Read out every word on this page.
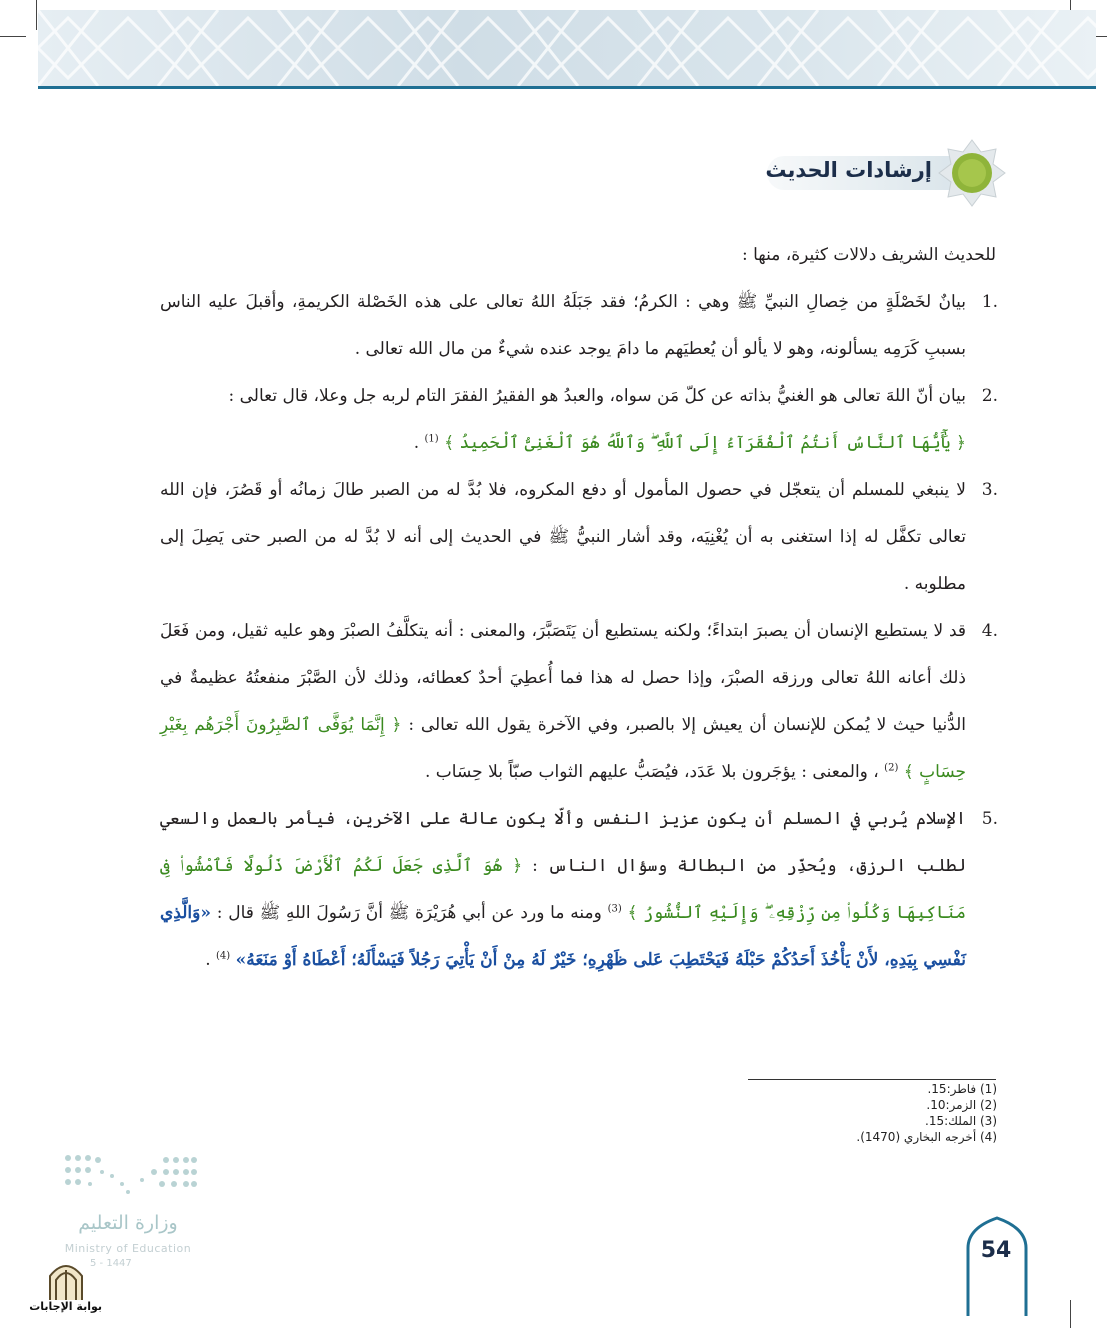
إرشادات الحديث

للحديث الشريف دلالات كثيرة، منها :

1.
بيانٌ لخَصْلَةٍ من خِصالِ النبيِّ ﷺ وهي : الكرمُ؛ فقد جَبَلَهُ اللهُ تعالى على هذه الخَصْلة الكريمةِ، وأقبلَ عليه الناس بسببِ كَرَمِه يسألونه، وهو لا يألو أن يُعطيَهم ما دامَ يوجد عنده شيءٌ من مال الله تعالى .
2.
بيان أنّ اللهَ تعالى هو الغنيُّ بذاته عن كلّ مَن سواه، والعبدُ هو الفقيرُ الفقرَ التام لربه جل وعلا، قال تعالى :
﴿ يَٰٓأَيُّهَا ٱلنَّاسُ أَنتُمُ ٱلْفُقَرَآءُ إِلَى ٱللَّهِ ۖ وَٱللَّهُ هُوَ ٱلْغَنِىُّ ٱلْحَمِيدُ ﴾ $^{(1)}$ .
3.
لا ينبغي للمسلم أن يتعجّل في حصول المأمول أو دفع المكروه، فلا بُدَّ له من الصبر طالَ زمانُه أو قَصُرَ، فإن الله تعالى تكفَّل له إذا استغنى به أن يُغْنِيَه، وقد أشار النبيُّ ﷺ في الحديث إلى أنه لا بُدَّ له من الصبر حتى يَصِلَ إلى مطلوبه .
4.
قد لا يستطيع الإنسان أن يصبرَ ابتداءً؛ ولكنه يستطيع أن يَتَصَبَّرَ، والمعنى : أنه يتكلَّفُ الصبْرَ وهو عليه ثقيل، ومن فَعَلَ ذلك أعانه اللهُ تعالى ورزقه الصبْرَ، وإذا حصل له هذا فما أُعطِيَ أحدٌ كعطائه، وذلك لأن الصَّبْرَ منفعتُهُ عظيمةٌ في الدُّنيا حيث لا يُمكن للإنسان أن يعيش إلا بالصبر، وفي الآخرة يقول الله تعالى : ﴿ إِنَّمَا يُوَفَّى ٱلصَّٰبِرُونَ أَجْرَهُم بِغَيْرِ حِسَابٍ ﴾ $^{(2)}$ ، والمعنى : يؤجَرون بلا عَدَد، فيُصَبُّ عليهم الثواب صبّاً بلا حِسَاب .
5.
الإسلام يُربي في المسلم أن يكون عزيز النفس وألّا يكون عالة على الآخرين، فيأمر بالعمل والسعي لطلب الرزق، ويُحذِّر من البطالة وسؤال الناس : ﴿ هُوَ ٱلَّذِى جَعَلَ لَكُمُ ٱلْأَرْضَ ذَلُولًا فَٱمْشُوا۟ فِى مَنَاكِبِهَا وَكُلُوا۟ مِن رِّزْقِهِۦ ۖ وَإِلَيْهِ ٱلنُّشُورُ ﴾ $^{(3)}$ ومنه ما ورد عن أبي هُرَيْرَة ﷺ أنَّ رَسُولَ اللهِ ﷺ قال : «وَالَّذِي نَفْسِي بِيَدِهِ، لأَنْ يَأْخُذَ أَحَدُكُمْ حَبْلَهُ فَيَحْتَطِبَ عَلى ظَهْرِهِ؛ خَيْرٌ لَهُ مِنْ أَنْ يَأْتِيَ رَجُلاً فَيَسْأَلَهُ؛ أَعْطَاهُ أَوْ مَنَعَهُ» $^{(4)}$ .
(1) فاطر:15.
(2) الزمر:10.
(3) الملك:15.
(4) أخرجه البخاري (1470).
وزارة التعليم
Ministry of Education
5 - 1447
بوابة الإجابات
54
